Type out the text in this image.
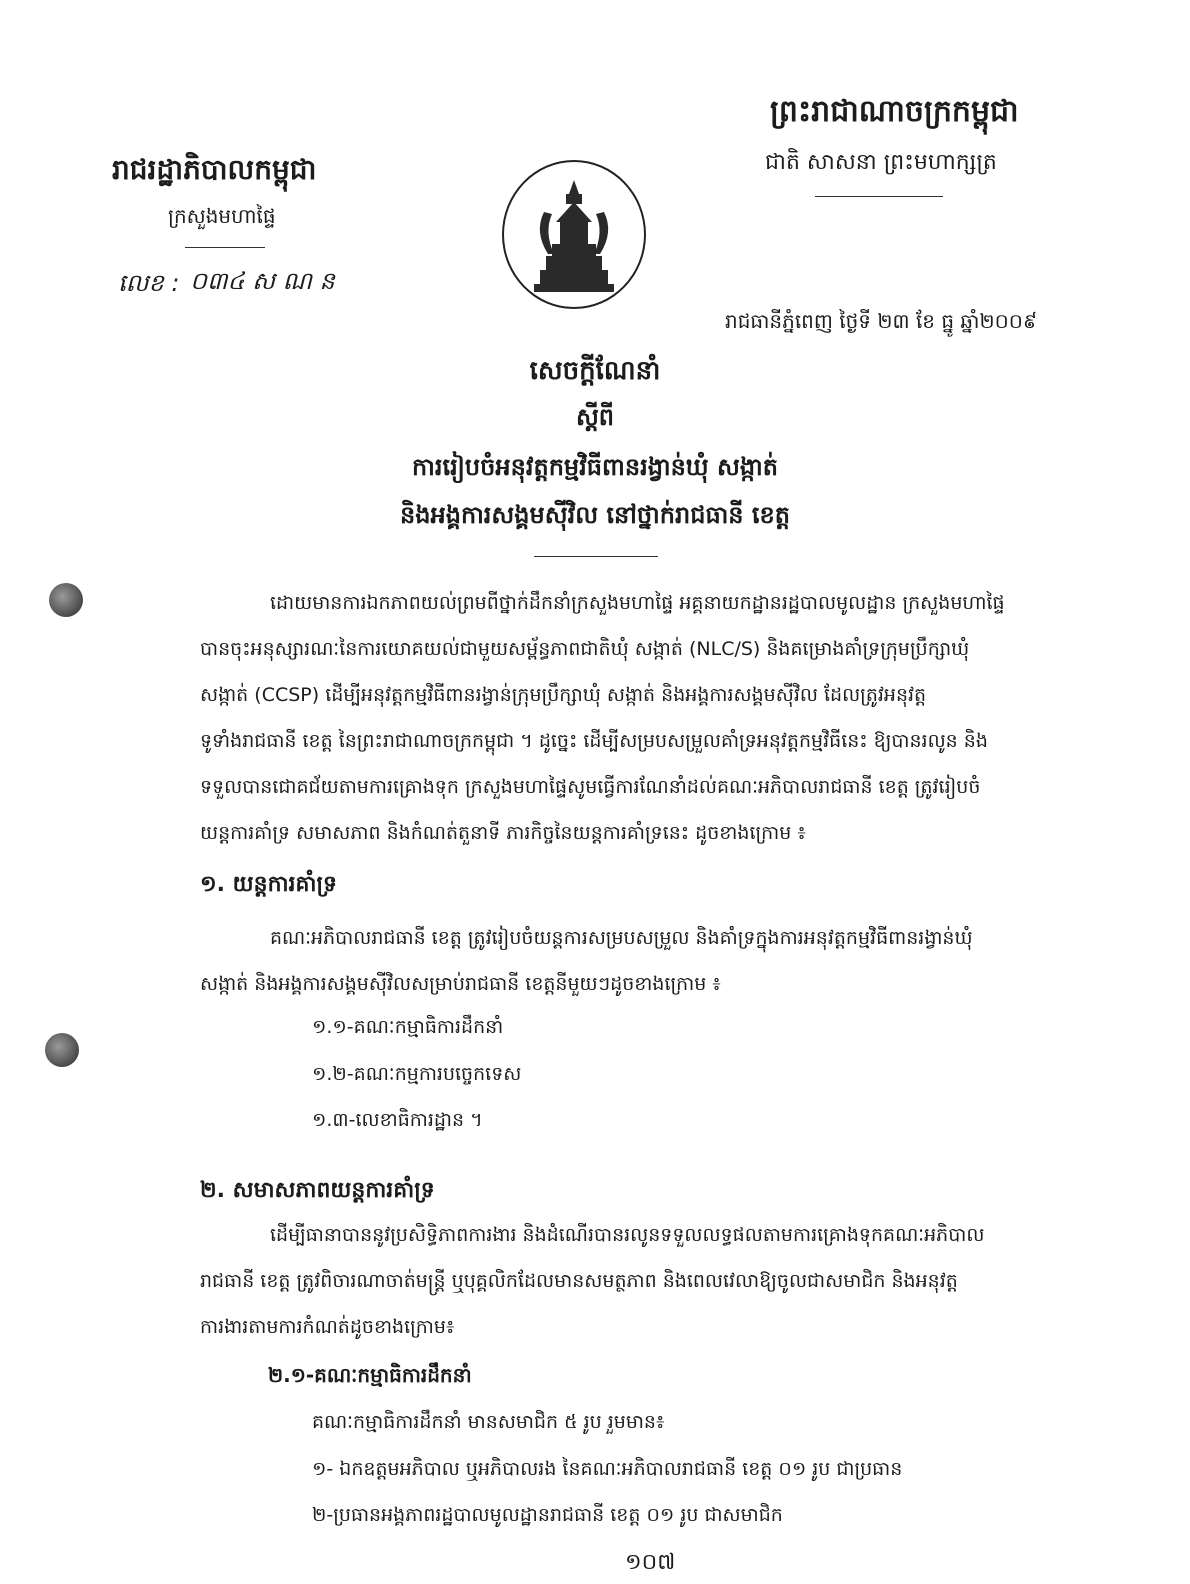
ព្រះរាជាណាចក្រកម្ពុជា
ជាតិ សាសនា ព្រះមហាក្សត្រ
រាជរដ្ឋាភិបាលកម្ពុជា
ក្រសួងមហាផ្ទៃ
លេខ : ០៣៤ ស ណ ន
រាជធានីភ្នំពេញ ថ្ងៃទី ២៣ ខែ ធ្នូ ឆ្នាំ២០០៩
សេចក្តីណែនាំ
ស្តីពី
ការរៀបចំអនុវត្តកម្មវិធីពានរង្វាន់ឃុំ សង្កាត់
និងអង្គការសង្គមស៊ីវិល នៅថ្នាក់រាជធានី ខេត្ត
ដោយមានការឯកភាពយល់ព្រមពីថ្នាក់ដឹកនាំក្រសួងមហាផ្ទៃ អគ្គនាយកដ្ឋានរដ្ឋបាលមូលដ្ឋាន ក្រសួងមហាផ្ទៃ
បានចុះអនុស្សារណៈនៃការយោគយល់ជាមួយសម្ព័ន្ធភាពជាតិឃុំ សង្កាត់ (NLC/S) និងគម្រោងគាំទ្រក្រុមប្រឹក្សាឃុំ
សង្កាត់ (CCSP) ដើម្បីអនុវត្តកម្មវិធីពានរង្វាន់ក្រុមប្រឹក្សាឃុំ សង្កាត់ និងអង្គការសង្គមស៊ីវិល ដែលត្រូវអនុវត្ត
ទូទាំងរាជធានី ខេត្ត នៃព្រះរាជាណាចក្រកម្ពុជា ។ ដូច្នេះ ដើម្បីសម្របសម្រួលគាំទ្រអនុវត្តកម្មវិធីនេះ ឱ្យបានរលូន និង
ទទួលបានជោគជ័យតាមការគ្រោងទុក ក្រសួងមហាផ្ទៃសូមធ្វើការណែនាំដល់គណៈអភិបាលរាជធានី ខេត្ត ត្រូវរៀបចំ
យន្តការគាំទ្រ សមាសភាព និងកំណត់តួនាទី ភារកិច្ចនៃយន្តការគាំទ្រនេះ ដូចខាងក្រោម ៖
១. យន្តការគាំទ្រ
គណៈអភិបាលរាជធានី ខេត្ត ត្រូវរៀបចំយន្តការសម្របសម្រួល និងគាំទ្រក្នុងការអនុវត្តកម្មវិធីពានរង្វាន់ឃុំ
សង្កាត់ និងអង្គការសង្គមស៊ីវិលសម្រាប់រាជធានី ខេត្តនីមួយៗដូចខាងក្រោម ៖
១.១-គណៈកម្មាធិការដឹកនាំ
១.២-គណៈកម្មការបច្ចេកទេស
១.៣-លេខាធិការដ្ឋាន ។
២. សមាសភាពយន្តការគាំទ្រ
ដើម្បីធានាបាននូវប្រសិទ្ធិភាពការងារ និងដំណើរបានរលូនទទួលលទ្ធផលតាមការគ្រោងទុកគណៈអភិបាល
រាជធានី ខេត្ត ត្រូវពិចារណាចាត់មន្ត្រី ឬបុគ្គលិកដែលមានសមត្ថភាព និងពេលវេលាឱ្យចូលជាសមាជិក និងអនុវត្ត
ការងារតាមការកំណត់ដូចខាងក្រោម៖
២.១-គណៈកម្មាធិការដឹកនាំ
គណៈកម្មាធិការដឹកនាំ មានសមាជិក ៥ រូប រួមមាន៖
១- ឯកឧត្តមអភិបាល ឬអភិបាលរង នៃគណៈអភិបាលរាជធានី ខេត្ត ០១ រូប ជាប្រធាន
២-ប្រធានអង្គភាពរដ្ឋបាលមូលដ្ឋានរាជធានី ខេត្ត ០១ រូប ជាសមាជិក
១០៧
